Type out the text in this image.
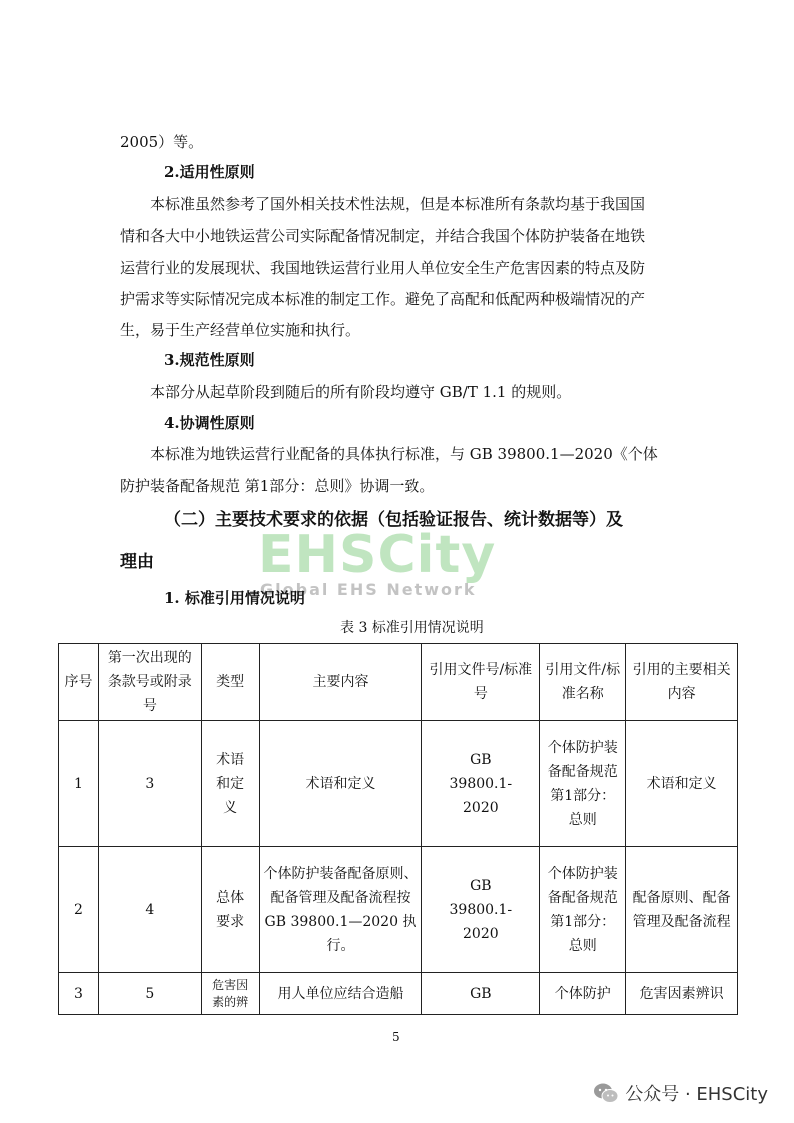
2005）等。
2.适用性原则
本标准虽然参考了国外相关技术性法规，但是本标准所有条款均基于我国国
情和各大中小地铁运营公司实际配备情况制定，并结合我国个体防护装备在地铁
运营行业的发展现状、我国地铁运营行业用人单位安全生产危害因素的特点及防
护需求等实际情况完成本标准的制定工作。避免了高配和低配两种极端情况的产
生，易于生产经营单位实施和执行。
3.规范性原则
本部分从起草阶段到随后的所有阶段均遵守 GB/T 1.1 的规则。
4.协调性原则
本标准为地铁运营行业配备的具体执行标准，与 GB 39800.1—2020《个体
防护装备配备规范 第1部分：总则》协调一致。
（二）主要技术要求的依据（包括验证报告、统计数据等）及
理由 EHSCity
Global EHS Network
1. 标准引用情况说明
表 3 标准引用情况说明
序号	第一次出现的条款号或附录号	类型	主要内容	引用文件号/标准号	引用文件/标准名称	引用的主要相关内容
1	3	术语和定义	术语和定义	GB 39800.1-2020	个体防护装备配备规范第1部分：总则	术语和定义
2	4	总体要求	个体防护装备配备原则、配备管理及配备流程按 GB 39800.1—2020 执行。	GB 39800.1-2020	个体防护装备配备规范第1部分：总则	配备原则、配备管理及配备流程
3	5	危害因素的辨	用人单位应结合造船	GB	个体防护	危害因素辨识
5
公众号 · EHSCity
